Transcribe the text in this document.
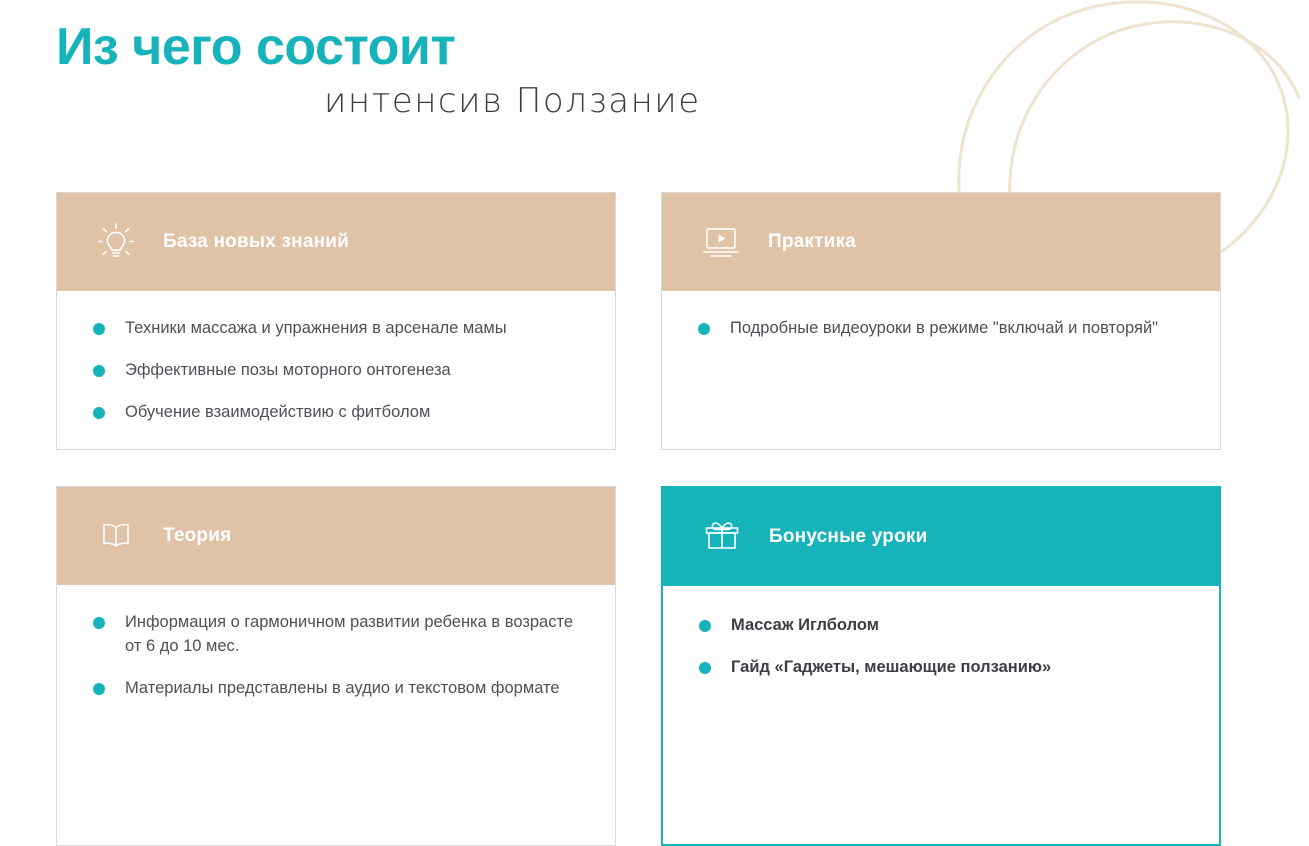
Из чего состоит
интенсив Ползание
База новых знаний
Техники массажа и упражнения в арсенале мамы
Эффективные позы моторного онтогенеза
Обучение взаимодействию с фитболом
Практика
Подробные видеоуроки в режиме "включай и повторяй"
Теория
Информация о гармоничном развитии ребенка в возрасте от 6 до 10 мес.
Материалы представлены в аудио и текстовом формате
Бонусные уроки
Массаж Иглболом
Гайд «Гаджеты, мешающие ползанию»
